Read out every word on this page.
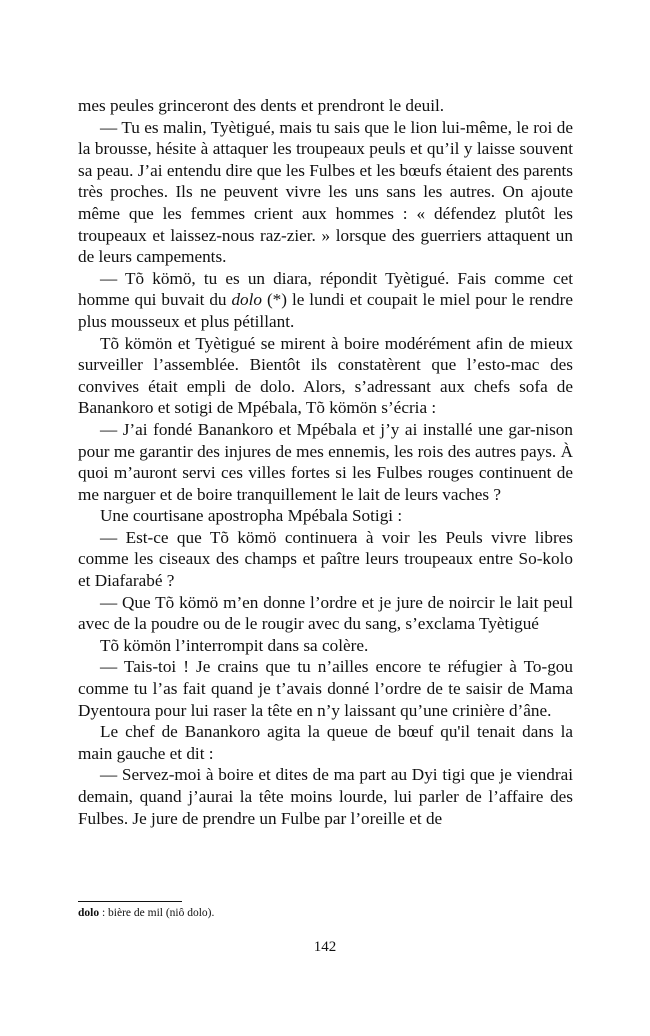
mes peules grinceront des dents et prendront le deuil.

— Tu es malin, Tyètigué, mais tu sais que le lion lui-même, le roi de la brousse, hésite à attaquer les troupeaux peuls et qu’il y laisse souvent sa peau. J’ai entendu dire que les Fulbes et les bœufs étaient des parents très proches. Ils ne peuvent vivre les uns sans les autres. On ajoute même que les femmes crient aux hommes : « défendez plutôt les troupeaux et laissez-nous raz-zier. » lorsque des guerriers attaquent un de leurs campements.

— Tõ kömö, tu es un diara, répondit Tyètigué. Fais comme cet homme qui buvait du dolo (*) le lundi et coupait le miel pour le rendre plus mousseux et plus pétillant.

Tõ kömön et Tyètigué se mirent à boire modérément afin de mieux surveiller l’assemblée. Bientôt ils constatèrent que l’esto-mac des convives était empli de dolo. Alors, s’adressant aux chefs sofa de Banankoro et sotigi de Mpébala, Tõ kömön s’écria :

— J’ai fondé Banankoro et Mpébala et j’y ai installé une gar-nison pour me garantir des injures de mes ennemis, les rois des autres pays. À quoi m’auront servi ces villes fortes si les Fulbes rouges continuent de me narguer et de boire tranquillement le lait de leurs vaches ?

Une courtisane apostropha Mpébala Sotigi :

— Est-ce que Tõ kömö continuera à voir les Peuls vivre libres comme les ciseaux des champs et paître leurs troupeaux entre So-kolo et Diafarabé ?

— Que Tõ kömö m’en donne l’ordre et je jure de noircir le lait peul avec de la poudre ou de le rougir avec du sang, s’exclama Tyètigué

Tõ kömön l’interrompit dans sa colère.

— Tais-toi ! Je crains que tu n’ailles encore te réfugier à To-gou comme tu l’as fait quand je t’avais donné l’ordre de te saisir de Mama Dyentoura pour lui raser la tête en n’y laissant qu’une crinière d’âne.

Le chef de Banankoro agita la queue de bœuf qu'il tenait dans la main gauche et dit :

— Servez-moi à boire et dites de ma part au Dyi tigi que je viendrai demain, quand j’aurai la tête moins lourde, lui parler de l’affaire des Fulbes. Je jure de prendre un Fulbe par l’oreille et de

dolo : bière de mil (niô dolo).
142
